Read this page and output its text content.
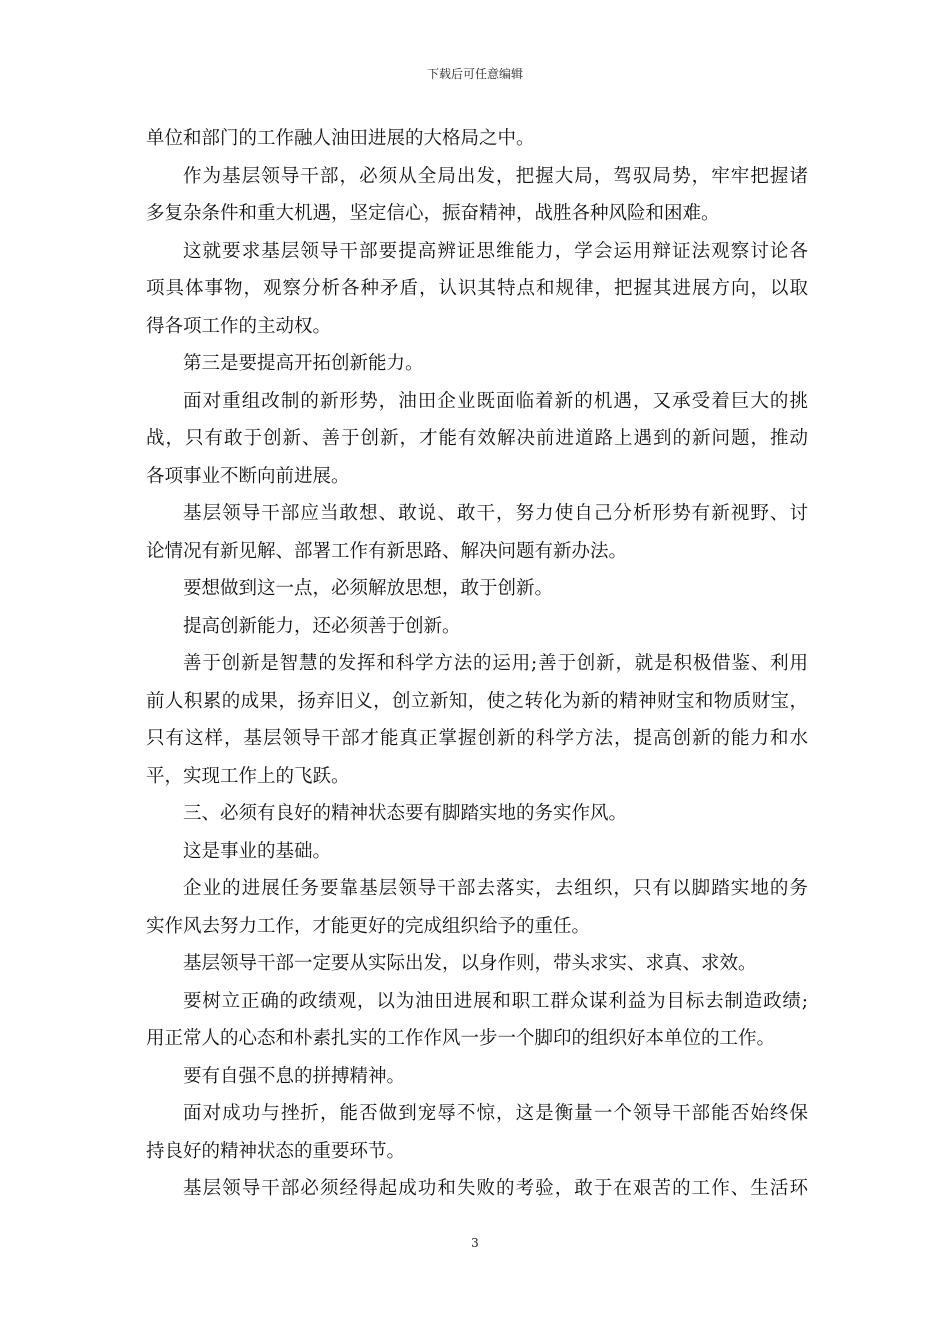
下载后可任意编辑
单位和部门的工作融人油田进展的大格局之中。
作为基层领导干部，必须从全局出发，把握大局，驾驭局势，牢牢把握诸
多复杂条件和重大机遇，坚定信心，振奋精神，战胜各种风险和困难。
这就要求基层领导干部要提高辨证思维能力，学会运用辩证法观察讨论各
项具体事物，观察分析各种矛盾，认识其特点和规律，把握其进展方向，以取
得各项工作的主动权。
第三是要提高开拓创新能力。
面对重组改制的新形势，油田企业既面临着新的机遇，又承受着巨大的挑
战，只有敢于创新、善于创新，才能有效解决前进道路上遇到的新问题，推动
各项事业不断向前进展。
基层领导干部应当敢想、敢说、敢干，努力使自己分析形势有新视野、讨
论情况有新见解、部署工作有新思路、解决问题有新办法。
要想做到这一点，必须解放思想，敢于创新。
提高创新能力，还必须善于创新。
善于创新是智慧的发挥和科学方法的运用;善于创新，就是积极借鉴、利用
前人积累的成果，扬弃旧义，创立新知，使之转化为新的精神财宝和物质财宝，
只有这样，基层领导干部才能真正掌握创新的科学方法，提高创新的能力和水
平，实现工作上的飞跃。
三、必须有良好的精神状态要有脚踏实地的务实作风。
这是事业的基础。
企业的进展任务要靠基层领导干部去落实，去组织，只有以脚踏实地的务
实作风去努力工作，才能更好的完成组织给予的重任。
基层领导干部一定要从实际出发，以身作则，带头求实、求真、求效。
要树立正确的政绩观，以为油田进展和职工群众谋利益为目标去制造政绩;
用正常人的心态和朴素扎实的工作作风一步一个脚印的组织好本单位的工作。
要有自强不息的拼搏精神。
面对成功与挫折，能否做到宠辱不惊，这是衡量一个领导干部能否始终保
持良好的精神状态的重要环节。
基层领导干部必须经得起成功和失败的考验，敢于在艰苦的工作、生活环
3
